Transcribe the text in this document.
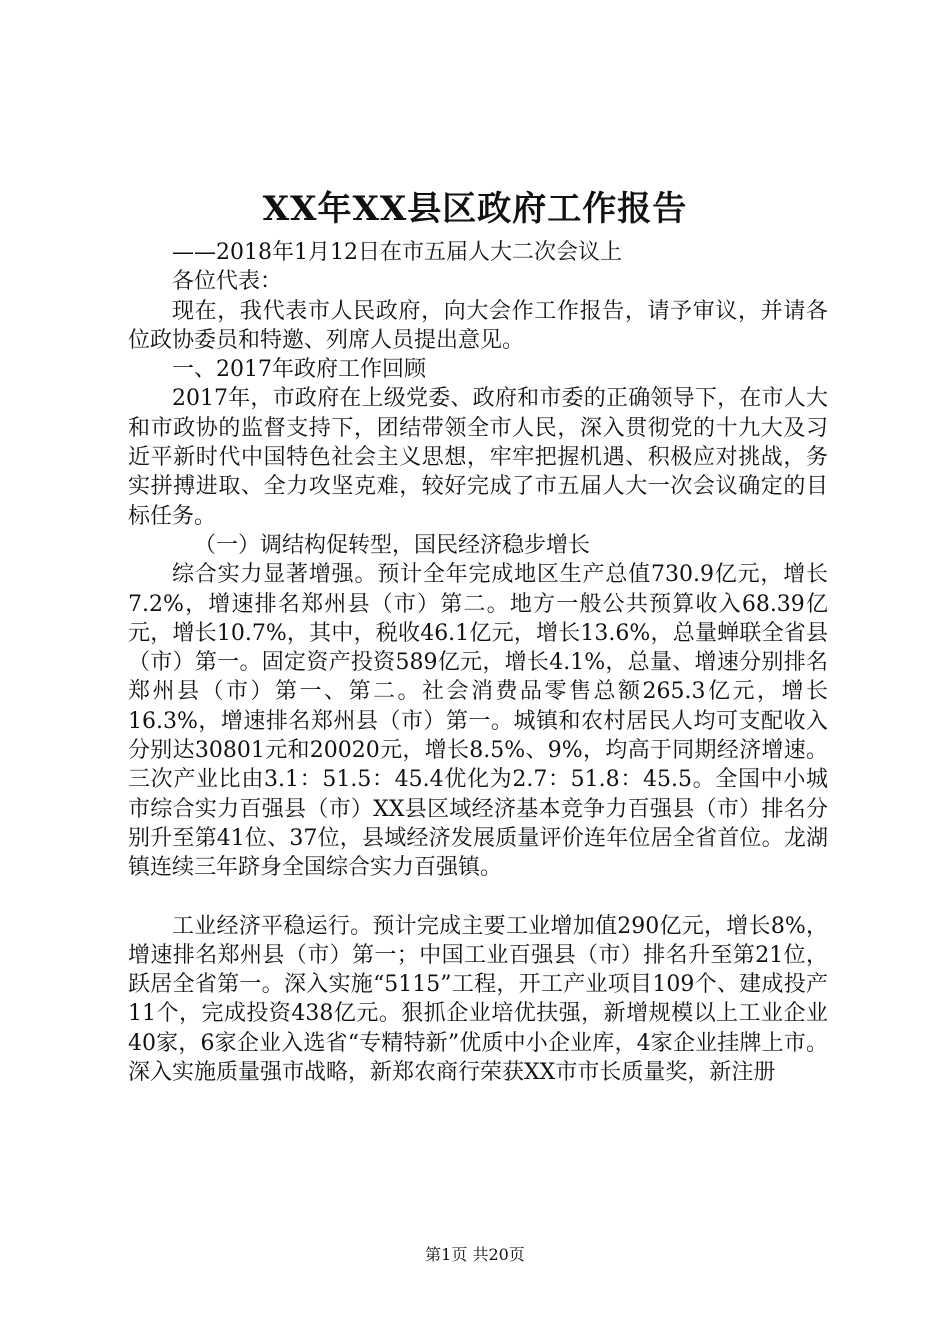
XX年XX县区政府工作报告

——2018年1月12日在市五届人大二次会议上

各位代表：

现在，我代表市人民政府，向大会作工作报告，请予审议，并请各位政协委员和特邀、列席人员提出意见。

一、2017年政府工作回顾

2017年，市政府在上级党委、政府和市委的正确领导下，在市人大和市政协的监督支持下，团结带领全市人民，深入贯彻党的十九大及习近平新时代中国特色社会主义思想，牢牢把握机遇、积极应对挑战，务实拼搏进取、全力攻坚克难，较好完成了市五届人大一次会议确定的目标任务。

（一）调结构促转型，国民经济稳步增长

综合实力显著增强。预计全年完成地区生产总值730.9亿元，增长7.2%，增速排名郑州县（市）第二。地方一般公共预算收入68.39亿元，增长10.7%，其中，税收46.1亿元，增长13.6%，总量蝉联全省县（市）第一。固定资产投资589亿元，增长4.1%，总量、增速分别排名郑州县（市）第一、第二。社会消费品零售总额265.3亿元，增长16.3%，增速排名郑州县（市）第一。城镇和农村居民人均可支配收入分别达30801元和20020元，增长8.5%、9%，均高于同期经济增速。三次产业比由3.1：51.5：45.4优化为2.7：51.8：45.5。全国中小城市综合实力百强县（市）XX县区域经济基本竞争力百强县（市）排名分别升至第41位、37位，县域经济发展质量评价连年位居全省首位。龙湖镇连续三年跻身全国综合实力百强镇。

工业经济平稳运行。预计完成主要工业增加值290亿元，增长8%，增速排名郑州县（市）第一；中国工业百强县（市）排名升至第21位，跃居全省第一。深入实施“5115”工程，开工产业项目109个、建成投产11个，完成投资438亿元。狠抓企业培优扶强，新增规模以上工业企业40家，6家企业入选省“专精特新”优质中小企业库，4家企业挂牌上市。深入实施质量强市战略，新郑农商行荣获XX市市长质量奖，新注册

第1页 共20页
